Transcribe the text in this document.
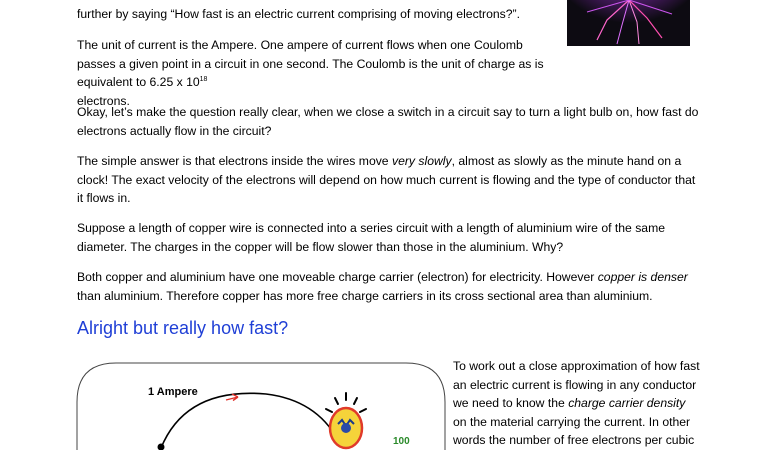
further by saying “How fast is an electric current comprising of moving electrons?”.

The unit of current is the Ampere. One ampere of current flows when one Coulomb
passes a given point in a circuit in one second. The Coulomb is the unit of charge as is equivalent to 6.25 x $10^{18}$
electrons.

Okay, let’s make the question really clear, when we close a switch in a circuit say to turn a light bulb on, how fast do
electrons actually flow in the circuit?

The simple answer is that electrons inside the wires move very slowly, almost as slowly as the minute hand on a
clock! The exact velocity of the electrons will depend on how much current is flowing and the type of conductor that
it flows in.

Suppose a length of copper wire is connected into a series circuit with a length of aluminium wire of the same
diameter. The charges in the copper will be flow slower than those in the aluminium. Why?

Both copper and aluminium have one moveable charge carrier (electron) for electricity. However copper is denser
than aluminium. Therefore copper has more free charge carriers in its cross sectional area than aluminium.

Alright but really how fast?
1 Ampere
100

To work out a close approximation of how fast
an electric current is flowing in any conductor
we need to know the charge carrier density
on the material carrying the current. In other
words the number of free electrons per cubic
